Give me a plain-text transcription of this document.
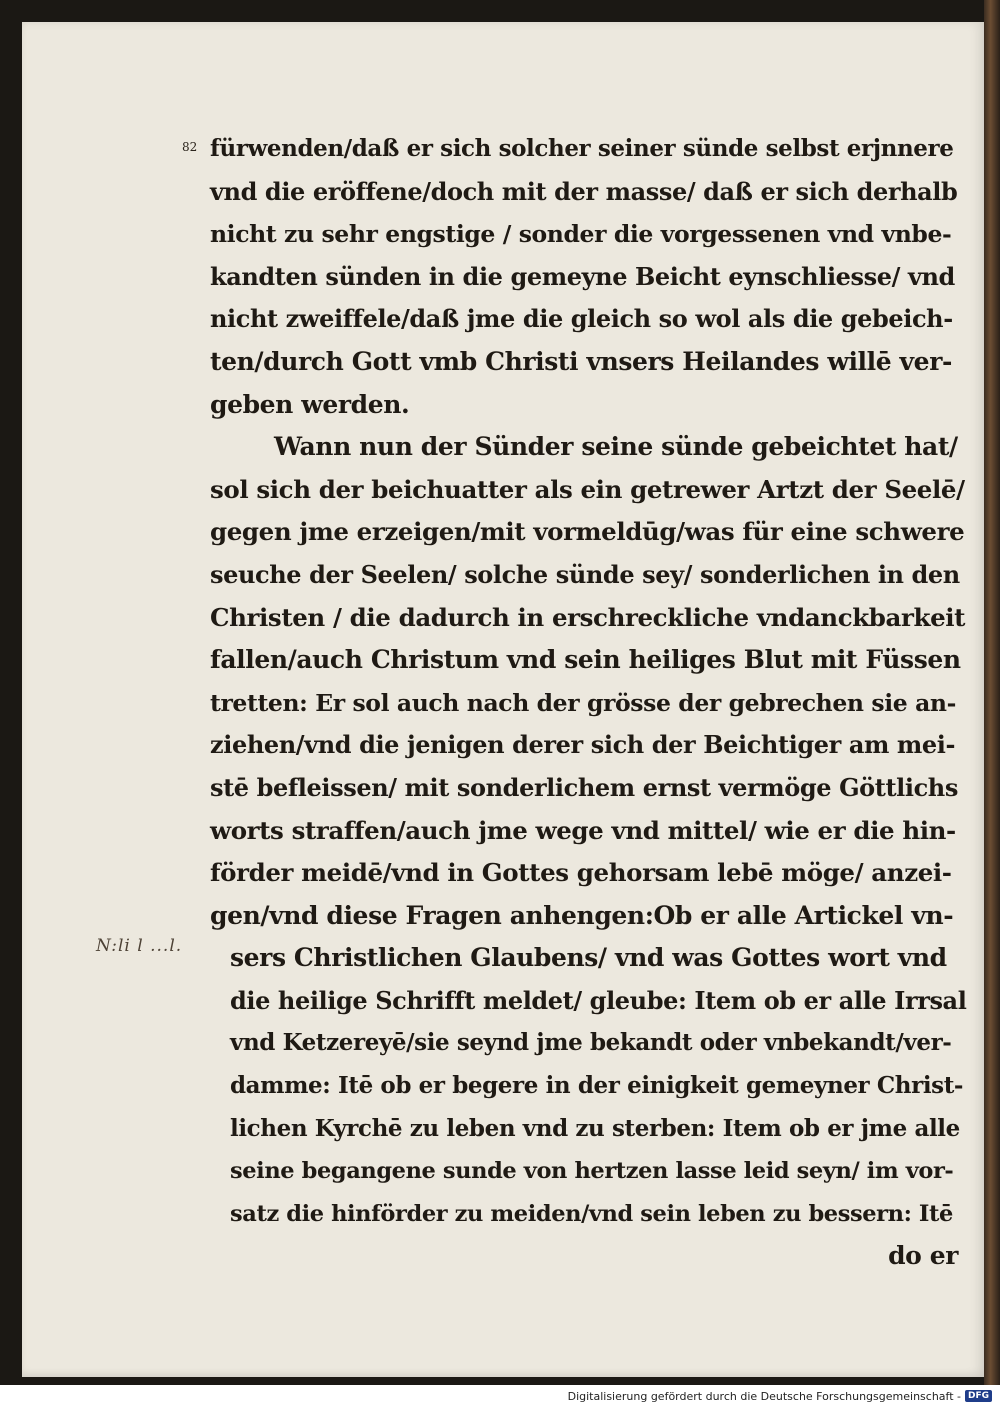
82
N:li l ...l.
fürwenden/daß er sich solcher seiner sünde selbst erjnnere
vnd die eröffene/doch mit der masse/ daß er sich derhalb
nicht zu sehr engstige / sonder die vorgessenen vnd vnbe-
kandten sünden in die gemeyne Beicht eynschliesse/ vnd
nicht zweiffele/daß jme die gleich so wol als die gebeich-
ten/durch Gott vmb Christi vnsers Heilandes willē ver-
geben werden.
Wann nun der Sünder seine sünde gebeichtet hat/
sol sich der beichuatter als ein getrewer Artzt der Seelē/
gegen jme erzeigen/mit vormeldūg/was für eine schwere
seuche der Seelen/ solche sünde sey/ sonderlichen in den
Christen / die dadurch in erschreckliche vndanckbarkeit
fallen/auch Christum vnd sein heiliges Blut mit Füssen
tretten: Er sol auch nach der grösse der gebrechen sie an-
ziehen/vnd die jenigen derer sich der Beichtiger am mei-
stē befleissen/ mit sonderlichem ernst vermöge Göttlichs
worts straffen/auch jme wege vnd mittel/ wie er die hin-
förder meidē/vnd in Gottes gehorsam lebē möge/ anzei-
gen/vnd diese Fragen anhengen:Ob er alle Artickel vn-
sers Christlichen Glaubens/ vnd was Gottes wort vnd
die heilige Schrifft meldet/ gleube: Item ob er alle Irrsal
vnd Ketzereyē/sie seynd jme bekandt oder vnbekandt/ver-
damme: Itē ob er begere in der einigkeit gemeyner Christ-
lichen Kyrchē zu leben vnd zu sterben: Item ob er jme alle
seine begangene sunde von hertzen lasse leid seyn/ im vor-
satz die hinförder zu meiden/vnd sein leben zu bessern: Itē
do er
Digitalisierung gefördert durch die Deutsche Forschungsgemeinschaft - DFG
